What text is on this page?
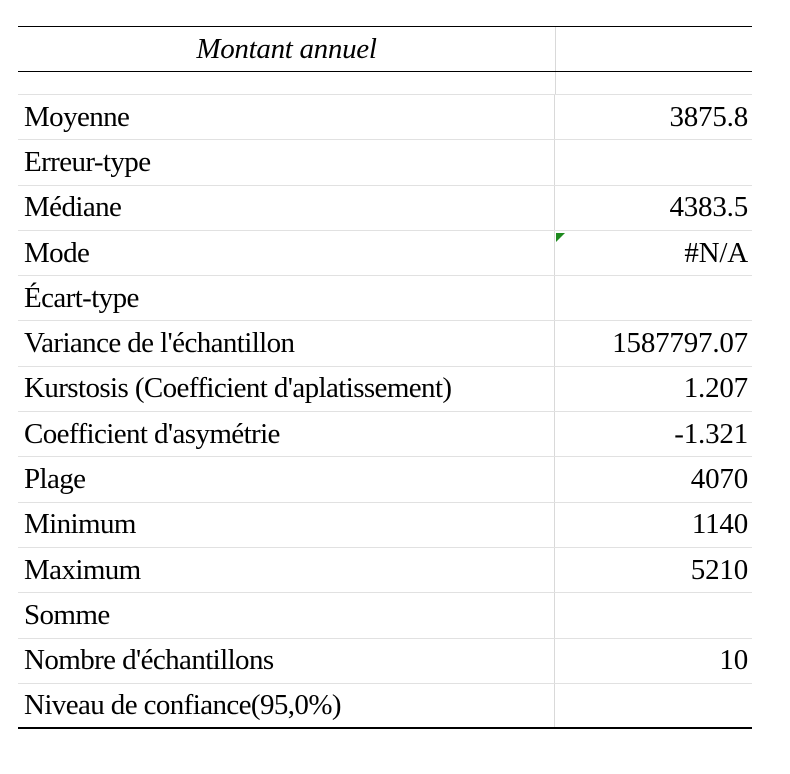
Montant annuel
Moyenne	3875.8
Erreur-type
Médiane	4383.5
Mode	#N/A
Écart-type
Variance de l'échantillon	1587797.07
Kurstosis (Coefficient d'aplatissement)	1.207
Coefficient d'asymétrie	-1.321
Plage	4070
Minimum	1140
Maximum	5210
Somme
Nombre d'échantillons	10
Niveau de confiance(95,0%)
